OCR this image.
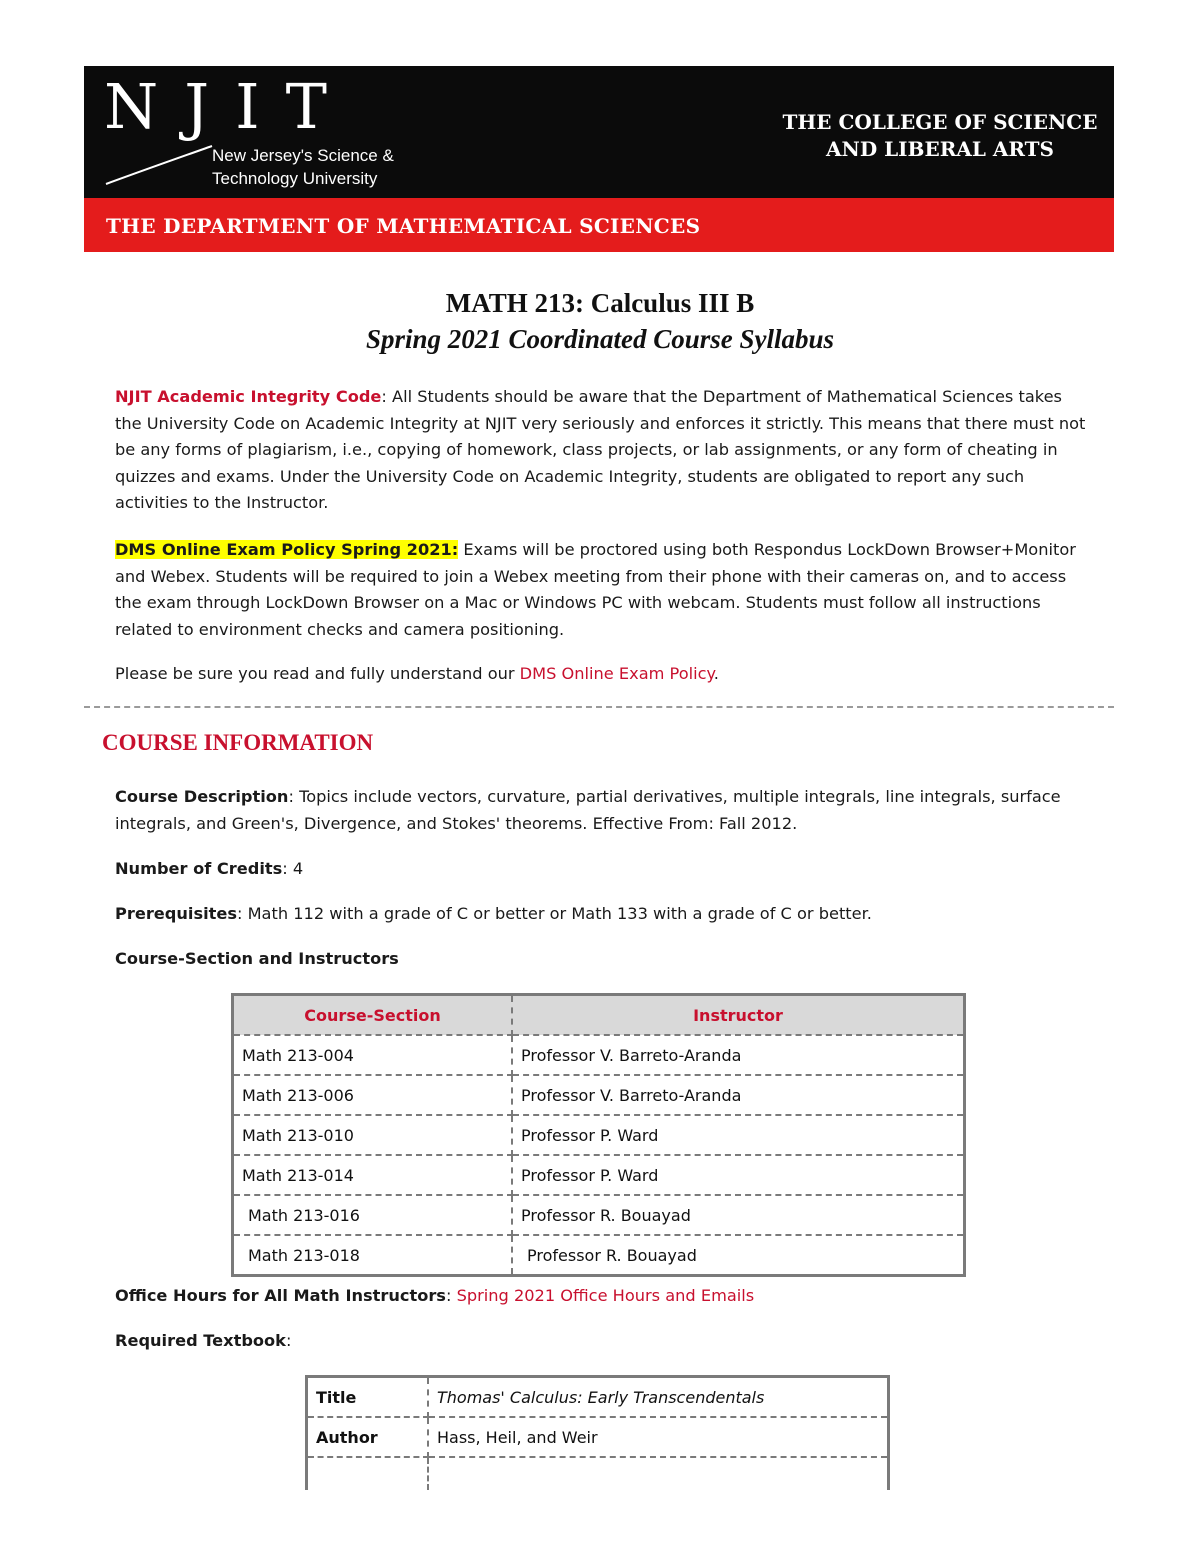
NJIT
New Jersey's Science &
Technology University
THE COLLEGE OF SCIENCE
AND LIBERAL ARTS
THE DEPARTMENT OF MATHEMATICAL SCIENCES
MATH 213: Calculus III B
Spring 2021 Coordinated Course Syllabus
NJIT Academic Integrity Code: All Students should be aware that the Department of Mathematical Sciences takes the University Code on Academic Integrity at NJIT very seriously and enforces it strictly. This means that there must not be any forms of plagiarism, i.e., copying of homework, class projects, or lab assignments, or any form of cheating in quizzes and exams. Under the University Code on Academic Integrity, students are obligated to report any such activities to the Instructor.
DMS Online Exam Policy Spring 2021: Exams will be proctored using both Respondus LockDown Browser+Monitor and Webex. Students will be required to join a Webex meeting from their phone with their cameras on, and to access the exam through LockDown Browser on a Mac or Windows PC with webcam. Students must follow all instructions related to environment checks and camera positioning.
Please be sure you read and fully understand our DMS Online Exam Policy.
COURSE INFORMATION
Course Description: Topics include vectors, curvature, partial derivatives, multiple integrals, line integrals, surface integrals, and Green's, Divergence, and Stokes' theorems. Effective From: Fall 2012.
Number of Credits: 4
Prerequisites: Math 112 with a grade of C or better or Math 133 with a grade of C or better.
Course-Section and Instructors
Course-Section	Instructor
Math 213-004	Professor V. Barreto-Aranda
Math 213-006	Professor V. Barreto-Aranda
Math 213-010	Professor P. Ward
Math 213-014	Professor P. Ward
Math 213-016	Professor R. Bouayad
Math 213-018	Professor R. Bouayad
Office Hours for All Math Instructors: Spring 2021 Office Hours and Emails
Required Textbook:
Title	Thomas' Calculus: Early Transcendentals
Author	Hass, Heil, and Weir
